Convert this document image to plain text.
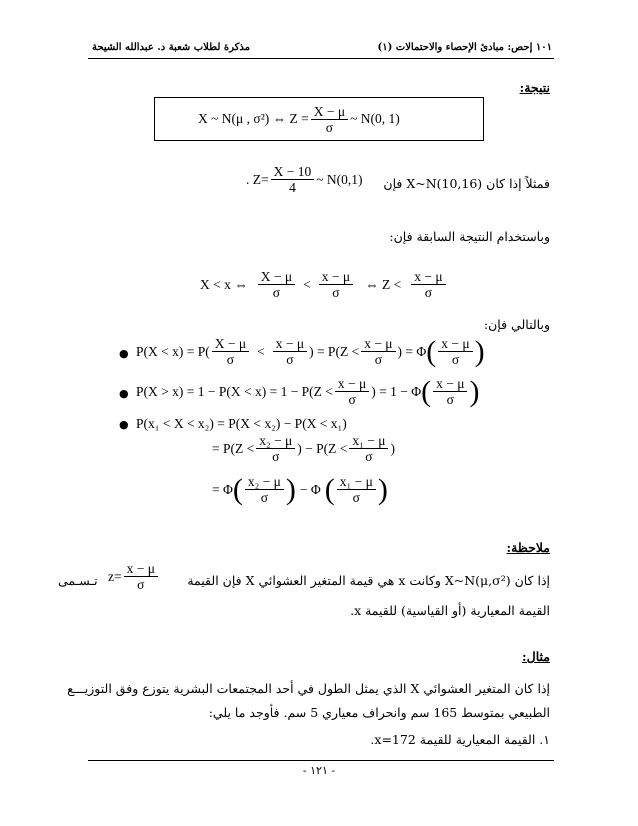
١٠١ إحص: مبادئ الإحصاء والاحتمالات (١)
مذكرة لطلاب شعبة د. عبدالله الشيحة
نتيجة:
X ~ N(μ , σ²) ⇔ $Z = \frac{X - \mu}{\sigma}$ ~ N(0, 1)
فمثلاً إذا كان X~N(10,16) فإن
. $Z= \frac{X - 10}{4}$ ~ N(0,1)
وباستخدام النتيجة السابقة فإن:
X < x ⇔ $\frac{X - \mu}{\sigma} < \frac{x - \mu}{\sigma}$ ⇔ $Z < \frac{x - \mu}{\sigma}$
وبالتالي فإن:
● $P(X < x) = P( \frac{X - \mu}{\sigma} < \frac{x - \mu}{\sigma}$ ) = $P(Z < \frac{x - \mu}{\sigma}$ ) = Φ ( $\frac{x - \mu}{\sigma}$ )
● $P(X > x) = 1 - P(X < x) = 1 - P(Z < \frac{x - \mu}{\sigma}$ ) = 1 − Φ ( $\frac{x - \mu}{\sigma}$ )
● P(x₁ < X < x₂) = P(X < x₂) − P(X < x₁)
= $P(Z < \frac{\text{x₂ − μ}}{\sigma}$ ) − $P(Z < \frac{\text{x₁ − μ}}{\sigma}$ )
= Φ ( $\frac{\text{x₂ − μ}}{\sigma}$ ) − Φ ( $\frac{\text{x₁ − μ}}{\sigma}$ )
ملاحظة:
إذا كان X~N(μ,σ²) وكانت x هي قيمة المتغير العشوائي X فإن القيمة
$z= \frac{x - \mu}{\sigma}$
تـسـمى
القيمة المعيارية (أو القياسية) للقيمة x.
مثال:
إذا كان المتغير العشوائي X الذي يمثل الطول في أحد المجتمعات البشرية يتوزع وفق التوزيـــع
الطبيعي بمتوسط 165 سم وانحراف معياري 5 سم. فأوجد ما يلي:
١. القيمة المعيارية للقيمة x=172.
- ١٢١ -
